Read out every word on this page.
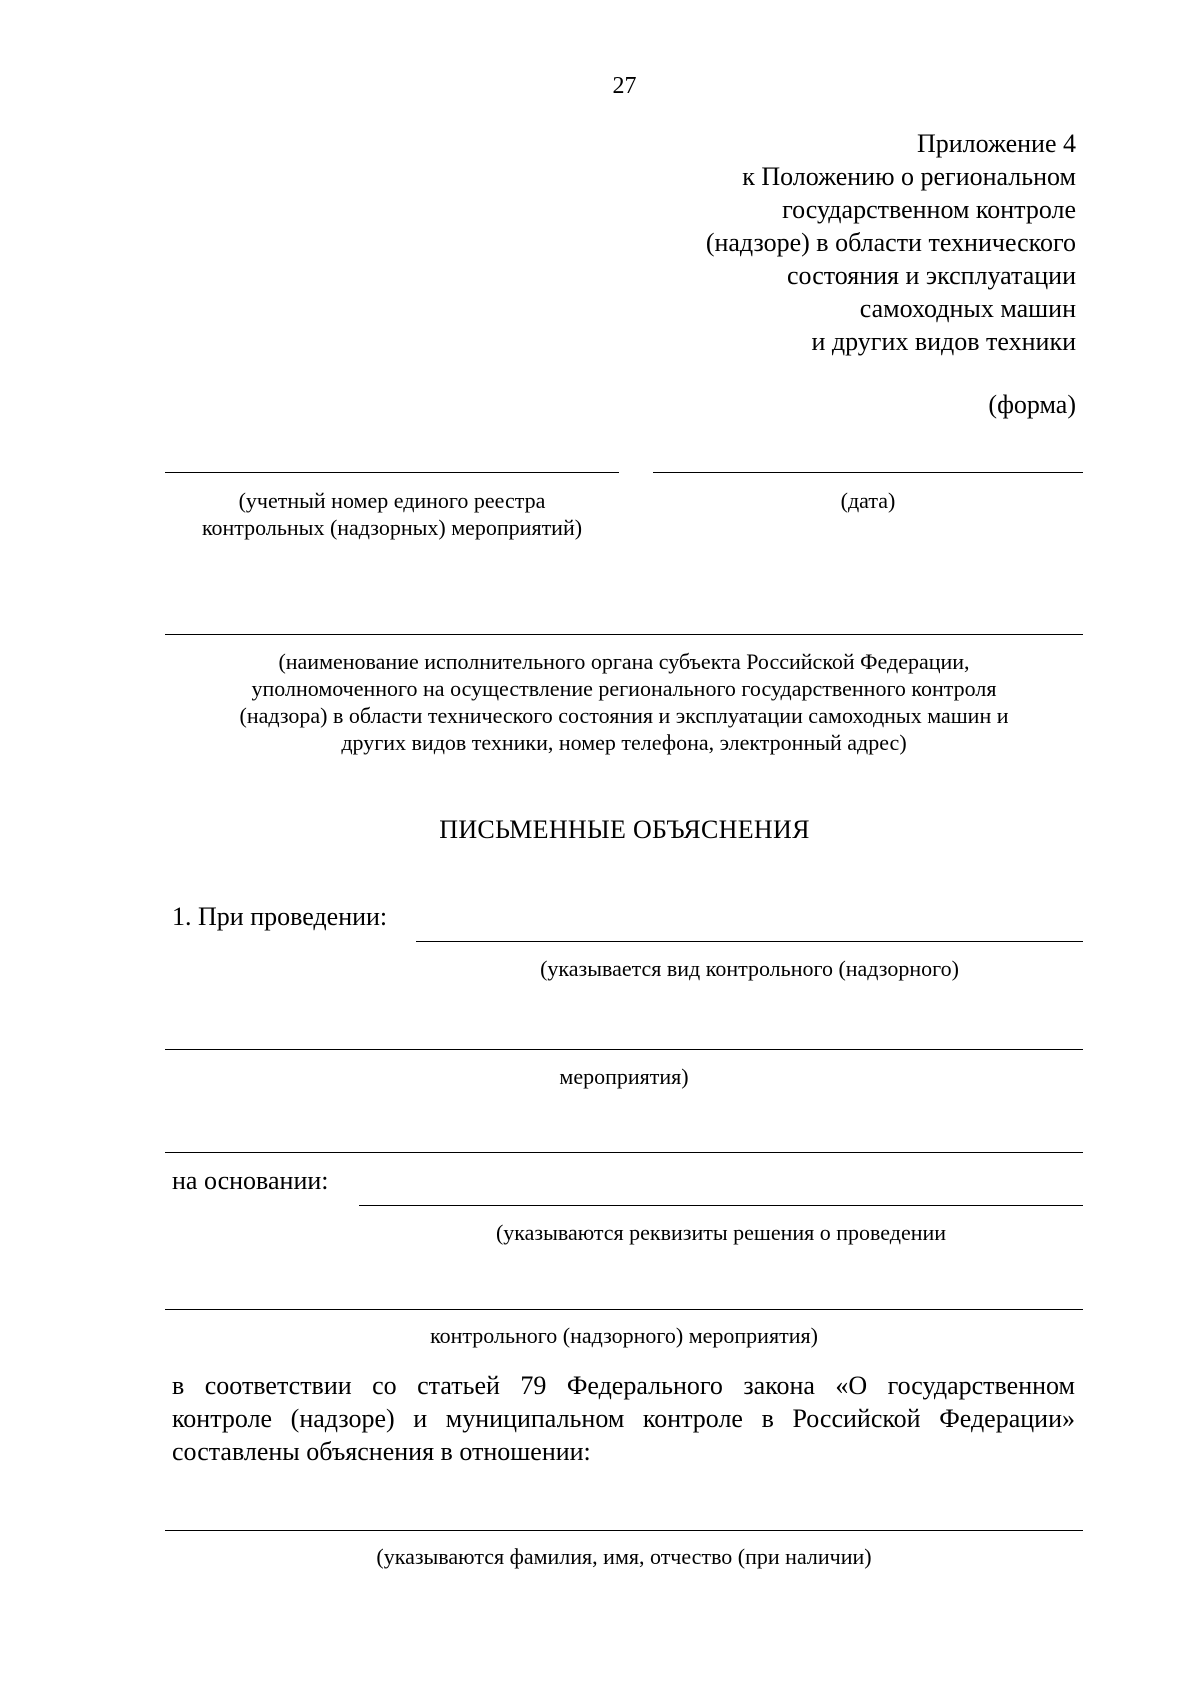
27
Приложение 4
к Положению о региональном
государственном контроле
(надзоре) в области технического
состояния и эксплуатации
самоходных машин
и других видов техники
(форма)
(учетный номер единого реестра
контрольных (надзорных) мероприятий)
(дата)
(наименование исполнительного органа субъекта Российской Федерации,
уполномоченного на осуществление регионального государственного контроля
(надзора) в области технического состояния и эксплуатации самоходных машин и
других видов техники, номер телефона, электронный адрес)
ПИСЬМЕННЫЕ ОБЪЯСНЕНИЯ
1. При проведении:
(указывается вид контрольного (надзорного)
мероприятия)
на основании:
(указываются реквизиты решения о проведении
контрольного (надзорного) мероприятия)
в соответствии со статьей 79 Федерального закона «О государственном
контроле (надзоре) и муниципальном контроле в Российской Федерации»
составлены объяснения в отношении:
(указываются фамилия, имя, отчество (при наличии)
